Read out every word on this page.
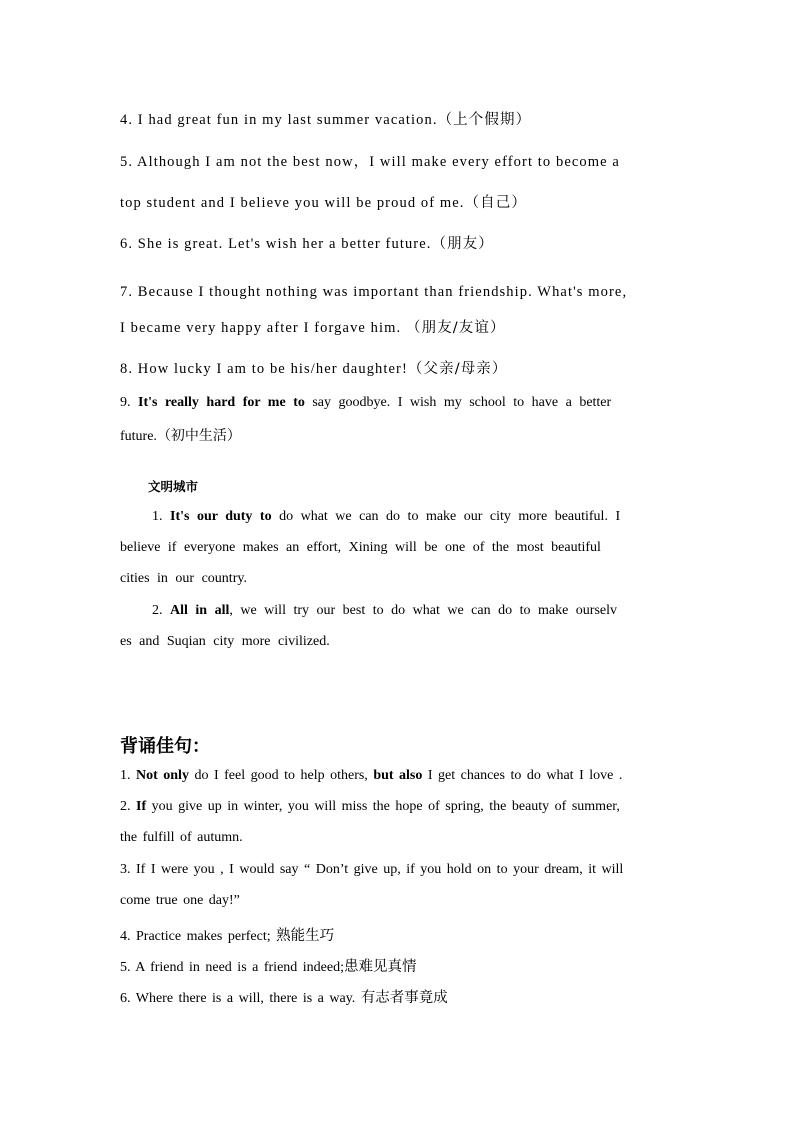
4. I had great fun in my last summer vacation.（上个假期）
5. Although I am not the best now，I will make every effort to become a
top student and I believe you will be proud of me.（自己）
6. She is great. Let's wish her a better future.（朋友）
7. Because I thought nothing was important than friendship. What's more,
I became very happy after I forgave him. （朋友/友谊）
8. How lucky I am to be his/her daughter!（父亲/母亲）
9. It's really hard for me to say goodbye. I wish my school to have a better
future.（初中生活）
文明城市
1. It's our duty to do what we can do to make our city more beautiful. I
believe if everyone makes an effort, Xining will be one of the most beautiful
cities in our country.
2. All in all, we will try our best to do what we can do to make ourselv
es and Suqian city more civilized.
背诵佳句：
1. Not only do I feel good to help others, but also I get chances to do what I love .
2. If you give up in winter, you will miss the hope of spring, the beauty of summer,
the fulfill of autumn.
3. If I were you , I would say “ Don’t give up, if you hold on to your dream, it will
come true one day!”
4. Practice makes perfect; 熟能生巧
5. A friend in need is a friend indeed;患难见真情
6. Where there is a will, there is a way. 有志者事竟成
